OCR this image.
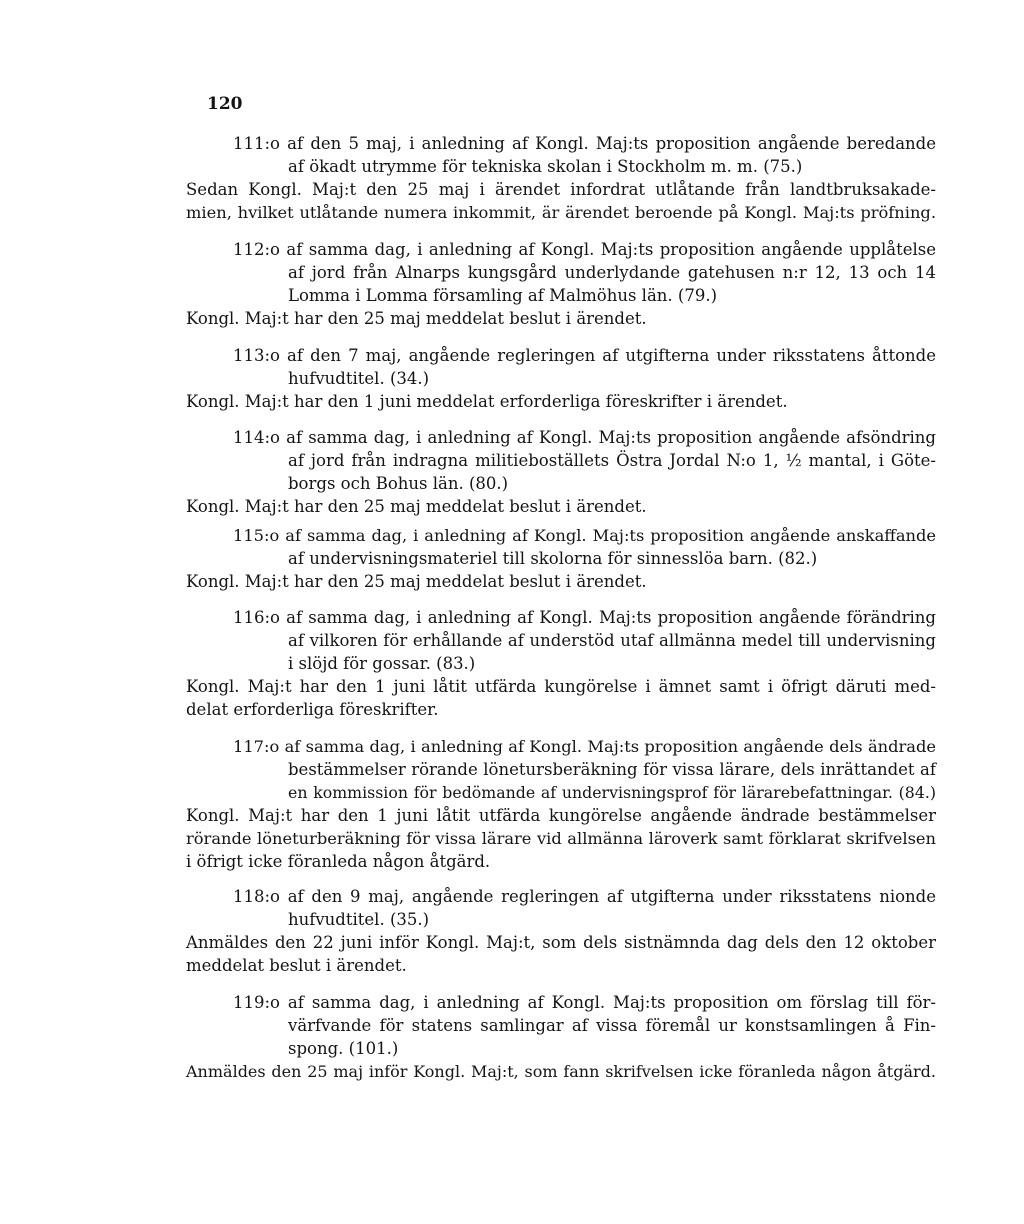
120
111:o af den 5 maj, i anledning af Kongl. Maj:ts proposition angående beredande
af ökadt utrymme för tekniska skolan i Stockholm m. m. (75.)
Sedan Kongl. Maj:t den 25 maj i ärendet infordrat utlåtande från landtbruksakade-
mien, hvilket utlåtande numera inkommit, är ärendet beroende på Kongl. Maj:ts pröfning.
112:o af samma dag, i anledning af Kongl. Maj:ts proposition angående upplåtelse
af jord från Alnarps kungsgård underlydande gatehusen n:r 12, 13 och 14
Lomma i Lomma församling af Malmöhus län. (79.)
Kongl. Maj:t har den 25 maj meddelat beslut i ärendet.
113:o af den 7 maj, angående regleringen af utgifterna under riksstatens åttonde
hufvudtitel. (34.)
Kongl. Maj:t har den 1 juni meddelat erforderliga föreskrifter i ärendet.
114:o af samma dag, i anledning af Kongl. Maj:ts proposition angående afsöndring
af jord från indragna militieboställets Östra Jordal N:o 1, ½ mantal, i Göte-
borgs och Bohus län. (80.)
Kongl. Maj:t har den 25 maj meddelat beslut i ärendet.
115:o af samma dag, i anledning af Kongl. Maj:ts proposition angående anskaffande
af undervisningsmateriel till skolorna för sinnesslöa barn. (82.)
Kongl. Maj:t har den 25 maj meddelat beslut i ärendet.
116:o af samma dag, i anledning af Kongl. Maj:ts proposition angående förändring
af vilkoren för erhållande af understöd utaf allmänna medel till undervisning
i slöjd för gossar. (83.)
Kongl. Maj:t har den 1 juni låtit utfärda kungörelse i ämnet samt i öfrigt däruti med-
delat erforderliga föreskrifter.
117:o af samma dag, i anledning af Kongl. Maj:ts proposition angående dels ändrade
bestämmelser rörande lönetursberäkning för vissa lärare, dels inrättandet af
en kommission för bedömande af undervisningsprof för lärarebefattningar. (84.)
Kongl. Maj:t har den 1 juni låtit utfärda kungörelse angående ändrade bestämmelser
rörande löneturberäkning för vissa lärare vid allmänna läroverk samt förklarat skrifvelsen
i öfrigt icke föranleda någon åtgärd.
118:o af den 9 maj, angående regleringen af utgifterna under riksstatens nionde
hufvudtitel. (35.)
Anmäldes den 22 juni inför Kongl. Maj:t, som dels sistnämnda dag dels den 12 oktober
meddelat beslut i ärendet.
119:o af samma dag, i anledning af Kongl. Maj:ts proposition om förslag till för-
värfvande för statens samlingar af vissa föremål ur konstsamlingen å Fin-
spong. (101.)
Anmäldes den 25 maj inför Kongl. Maj:t, som fann skrifvelsen icke föranleda någon åtgärd.
